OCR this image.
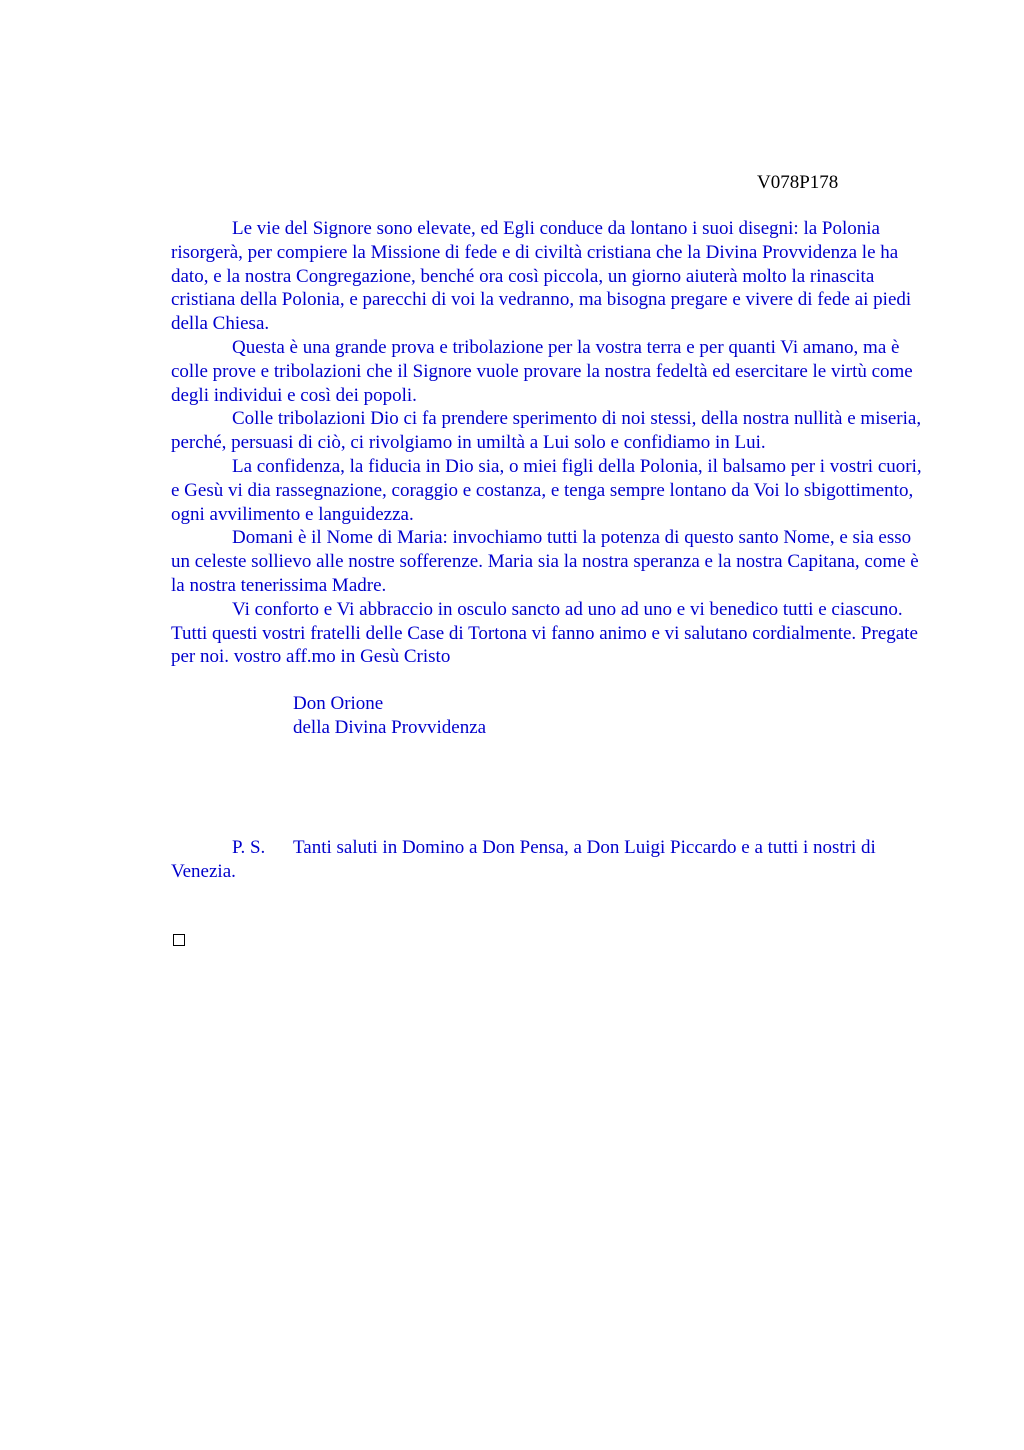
V078P178

Le vie del Signore sono elevate, ed Egli conduce da lontano i suoi disegni: la Polonia risorgerà, per compiere la Missione di fede e di civiltà cristiana che la Divina Provvidenza le ha dato, e la nostra Congregazione, benché ora così piccola, un giorno aiuterà molto la rinascita cristiana della Polonia, e parecchi di voi la vedranno, ma bisogna pregare e vivere di fede ai piedi della Chiesa.

Questa è una grande prova e tribolazione per la vostra terra e per quanti Vi amano, ma è colle prove e tribolazioni che il Signore vuole provare la nostra fedeltà ed esercitare le virtù come degli individui e così dei popoli.

Colle tribolazioni Dio ci fa prendere sperimento di noi stessi, della nostra nullità e miseria, perché, persuasi di ciò, ci rivolgiamo in umiltà a Lui solo e confidiamo in Lui.

La confidenza, la fiducia in Dio sia, o miei figli della Polonia, il balsamo per i vostri cuori, e Gesù vi dia rassegnazione, coraggio e costanza, e tenga sempre lontano da Voi lo sbigottimento, ogni avvilimento e languidezza.

Domani è il Nome di Maria: invochiamo tutti la potenza di questo santo Nome, e sia esso un celeste sollievo alle nostre sofferenze. Maria sia la nostra speranza e la nostra Capitana, come è la nostra tenerissima Madre.

Vi conforto e Vi abbraccio in osculo sancto ad uno ad uno e vi benedico tutti e ciascuno. Tutti questi vostri fratelli delle Case di Tortona vi fanno animo e vi salutano cordialmente. Pregate per noi. vostro aff.mo in Gesù Cristo

Don Orione
della Divina Provvidenza

P. S. Tanti saluti in Domino a Don Pensa, a Don Luigi Piccardo e a tutti i nostri di Venezia.
